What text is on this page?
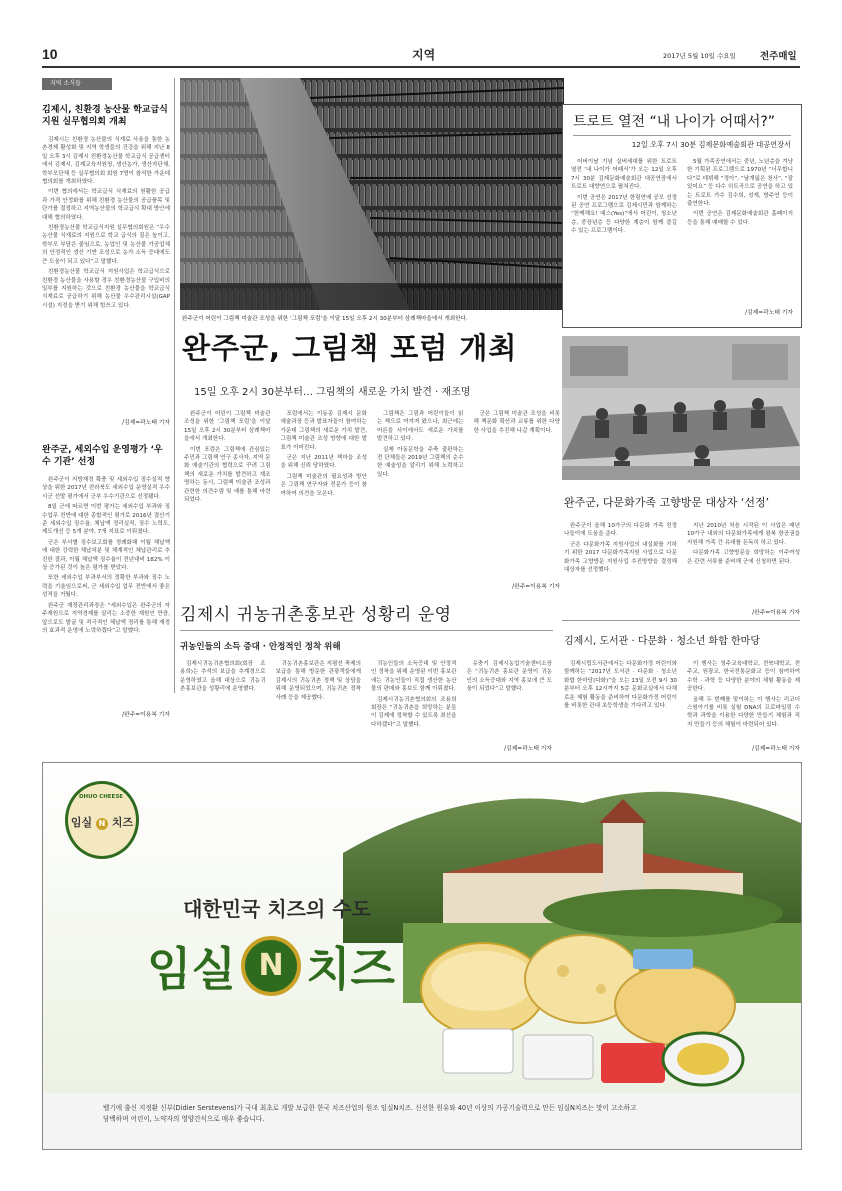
10	지역	2017년 5월 10일 수요일	전주매일
지역 소식들
김제시, 친환경 농산물 학교급식지원 실무협의회 개최

김제시는 친환경 농산물의 식재료 사용을 통한 농촌경제 활성화 및 지역 학생들의 건강을 위해 지난 8일 오후 3시 김제시 친환경농산물 학교급식 공급센터에서 김제시, 김제교육지원청, 생산농가, 생산자단체, 학부모단체 등 실무협의회 회원 7명이 참석한 가운데 협의회를 개최하였다.

이번 협의에서는 학교급식 식재료의 원활한 공급과 가격 안정화를 위해 친환경 농산물의 공급품목 및 단가를 결정하고 지역농산물의 학교급식 확대 방안에 대해 협의하였다.

친환경농산물 학교급식지원 실무협의회원은 “우수농산물 식재료의 지원으로 학교 급식의 질은 높이고, 학부모 부담은 줄임으로, 농업인 및 농산물 가공업체의 안정적인 생산 기반 조성으로 농가 소득 증대에도 큰 도움이 되고 있다”고 말했다.

친환경농산물 학교급식 지원사업은 학교급식으로 친환경 농산물을 사용할 경우 친환경농산물 구입비의 일부를 지원하는 것으로 친환경 농산물을 학교급식 식재료로 공급하기 위해 농산물 우수관리시설(GAP시설) 지정을 받기 위해 힘쓰고 있다.

/김제=곽노태 기자
완주군, 세외수입 운영평가 ‘우수 기관’ 선정

완주군이 지방재정 확충 및 세외수입 징수실적 향상을 위한 2017년 전라북도 세외수입 운영실적 우수시군 선발 평가에서 군부 우수기관으로 선정됐다.

8일 군에 따르면 이번 평가는 세외수입 부과와 징수업무 전반에 대한 종합적인 평가로 2016년 결산기준 세외수입 징수율, 체납액 정리실적, 징수 노력도, 제도개선 등 5개 분야, 7개 지표로 이뤄졌다.

군은 부서별 징수보고회를 정례화해 이월 체납액에 대한 강력한 체납처분 및 체계적인 체납관리로 추진한 결과, 이월 체납액 징수율이 전년대비 182% 이상 증가된 것이 높은 평가를 받았다.

또한 세외수입 부과부서의 정확한 부과와 징수 노력을 기울임으로써, 군 세외수입 업무 전반에서 좋은 성적을 거뒀다.

완주군 재정관리과장은 “세외수입은 완주군의 자주재원으로 지역경제를 살리는 소중한 재원인 만큼, 앞으로도 발굴 및 적극적인 체납액 정리를 통해 재정의 효과적 운영에 노력하겠다”고 말했다.

/완주=이용복 기자
완주군이 어린이 그림책 미술관 조성을 위한 ‘그림책 포럼’을 이달 15일 오후 2시 30분부터 삼례책마을에서 개최한다.
완주군, 그림책 포럼 개최
15일 오후 2시 30분부터… 그림책의 새로운 가치 발견 · 재조명

완주군이 어린이 그림책 미술관 조성을 위한 ‘그림책 포럼’을 이달 15일 오후 2시 30분부터 삼례책마을에서 개최한다.

이번 포럼은 그림책에 관심있는 주민과 그림책 연구 종사자, 지역 문화 예술기관의 협력으로 꾸려 그림책의 새로운 가치를 발견하고 재조명하는 동시, 그림책 미술관 조성과 관련한 의견수렴 및 예를 통해 마련되었다.

포럼에서는 이동종 김제시 문화 예술과장 등과 발표자들이 참여하는 가운데 그림책의 새로운 가치 발견, 그림책 미술관 조성 방향에 대한 발표가 이어진다.

군은 지난 2011년 책마을 조성을 위해 신뢰 당하였다.

그림책 미술관의 필요성과 방안은 그림책 연구자와 전문가 등이 참여하여 의견을 모은다.

그림책은 그림과 어린이들이 읽는 책으로 여겨져 왔으나, 최근에는 어른들 사이에서도 새로운 가치를 발견하고 있다.

실제 아동문학을 주축 출판하는 전 단체들은 2019년 그림책의 순수한 예술성을 알리기 위해 노력하고 있다.

군은 그림책 미술관 조성을 비롯해 책문화 확산과 교류를 위한 다양한 사업을 추진해 나갈 계획이다.

/완주=이용복 기자
트로트 열전 “내 나이가 어때서?”
12일 오후 7시 30분 김제문화예술회관 대공연장서

어버이날 기념 실버세대를 위한 트로트 열전 ‘내 나이가 어때서’가 오는 12일 오후 7시 30분 김제문화예술회관 대공연장에서 트로트 대향연으로 펼쳐진다.

이번 공연은 2017년 한림연예 공모 선정된 공연 프로그램으로 김제시민과 함께하는 “한께해요! 예스(Yes)”에서 어린이, 청소년층, 중장년층 등 다양한 계층이 함께 즐길 수 있는 프로그램이다.

5월 가족공연에서는 중년, 노년층을 겨냥한 기획된 프로그램으로 1970년 “너무합니다”로 데뷔해 “정아”, “날개잃은 천사”, “잘 있어요” 등 다수 히트곡으로 공연을 하고 있는 트로트 가수 김수희, 성재, 방주연 등이 출연한다.

이번 공연은 김제문화예술회관 홈페이지 등을 통해 예매할 수 있다.

/김제=곽노태 기자
완주군, 다문화가족 고향방문 대상자 ‘선정’

완주군이 올해 10가구의 다문화 가족 친정나들이에 도움을 준다.

군은 다문화가족 지원사업의 내실화를 기하기 위한 2017 다문화가족지원 사업으로 다문화가족 고향방문 지원사업 추진방향을 결정해 대상자를 선정했다.

지난 2010년 처음 시작된 이 사업은 매년 10가구 내외의 다문화가족에게 왕복 항공권을 지원해 가족 간 유대를 돈독히 하고 있다.

다문화가족 고향방문을 희망하는 이주여성은 관련 서류를 준비해 군에 신청하면 된다.

/완주=이용복 기자
김제시 귀농귀촌홍보관 성황리 운영
귀농인들의 소득 증대 · 안정적인 정착 위해

김제시귀농귀촌협의회(회장 조용희)는 추석의 보급을 추계경으로 운영하였고 올해 대상으로 귀농귀촌홍보관을 성황리에 운영했다.

귀농귀촌홍보관은 지평선 축제의 보급을 통해 방문한 관광객들에게 김제시의 귀농귀촌 정책 및 상담을 위해 운영되었으며, 귀농귀촌 정착 사례 등을 제공했다.

귀농인들의 소득증대 및 안정적인 정착을 위해 운영된 이번 홍보관에는 귀농인들이 직접 생산한 농산물의 판매와 홍보도 함께 이뤄졌다.

김제시귀농귀촌협의회의 조용희 회장은 “귀농귀촌을 희망하는 분들이 김제에 정착할 수 있도록 최선을 다하겠다”고 말했다.

유충기 김제시농업기술센터소장은 “귀농귀촌 홍보관 운영이 귀농인의 소득증대와 지역 홍보에 큰 도움이 되었다”고 말했다.

/김제=곽노태 기자
김제시, 도서관 · 다문화 · 청소년 화합 한마당

김제시립도서관에서는 다문화가정 어린이와 함께하는 “2017년 도서관 · 다문화 · 청소년 화합 한마당(다화)”을 오는 13일 오전 9시 30분부터 오후 12시까지 5층 문화교실에서 다채로운 체험 활동을 준비하여 다문화가정 어린이를 비롯한 관내 초등학생을 기다리고 있다.

이 행사는 청주교육대학교, 전북대학교, 전주교, 원광교, 한국전통문화교 등이 참여하여 수학 · 과학 등 다양한 분야의 체험 활동을 제공한다.

올해 두 번째를 맞이하는 이 행사는 리코더스윙아기를 비롯 실험 DNA의 프로파일링 수학과 과학을 이용한 다양한 만들기 체험과 직지 만들기 등의 체험이 마련되어 있다.

/김제=곽노태 기자
DHUO CHEESE
임실 N 치즈
대한민국 치즈의 수도
임실 N 치즈
벨기에 출신 지정환 신부(Didier Serstevens)가 국내 최초로 개발 보급한 한국 치즈산업의 원조 임실N치즈. 신선한 원유와 40년 이상의 가공기술력으로 만든 임실N치즈는 맛이 고소하고
담백하며 어린이, 노약자의 영양간식으로 매우 좋습니다.
